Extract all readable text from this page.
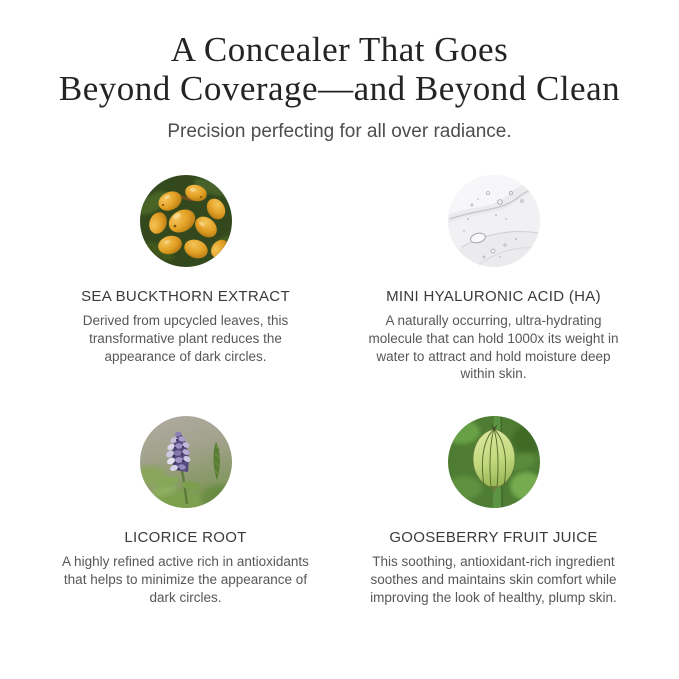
A Concealer That Goes
Beyond Coverage—and Beyond Clean

Precision perfecting for all over radiance.

SEA BUCKTHORN EXTRACT

Derived from upcycled leaves, this transformative plant reduces the appearance of dark circles.

MINI HYALURONIC ACID (HA)

A naturally occurring, ultra-hydrating molecule that can hold 1000x its weight in water to attract and hold moisture deep within skin.

LICORICE ROOT

A highly refined active rich in antioxidants that helps to minimize the appearance of dark circles.

GOOSEBERRY FRUIT JUICE

This soothing, antioxidant-rich ingredient soothes and maintains skin comfort while improving the look of healthy, plump skin.
